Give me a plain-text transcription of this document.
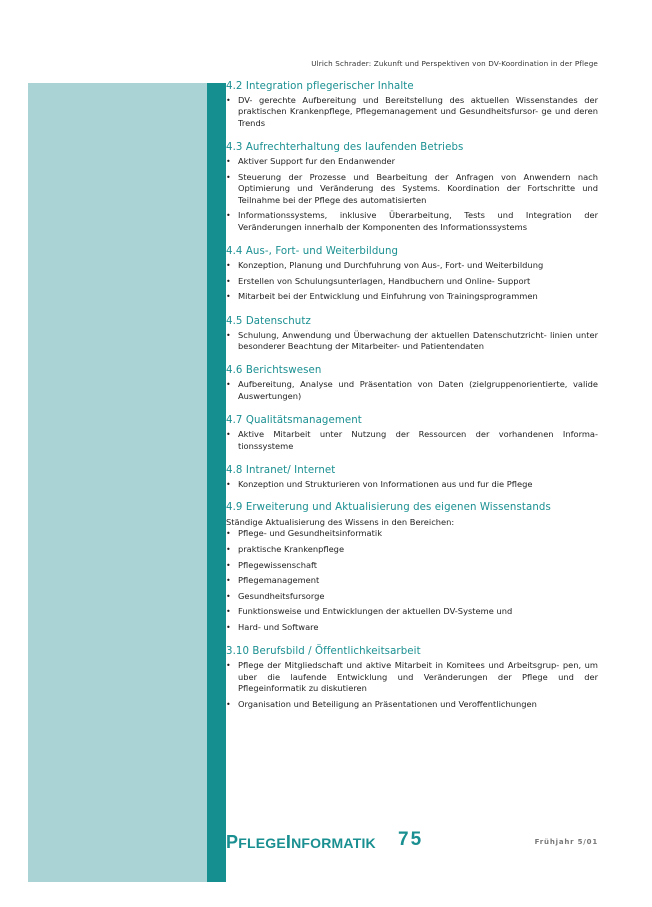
Ulrich Schrader: Zukunft und Perspektiven von DV-Koordination in der Pflege
4.2 Integration pflegerischer Inhalte
• DV- gerechte Aufbereitung und Bereitstellung des aktuellen Wissenstandes der praktischen Krankenpflege, Pflegemanagement und Gesundheitsfursor- ge und deren Trends
4.3 Aufrechterhaltung des laufenden Betriebs
• Aktiver Support fur den Endanwender
• Steuerung der Prozesse und Bearbeitung der Anfragen von Anwendern nach Optimierung und Veränderung des Systems. Koordination der Fortschritte und Teilnahme bei der Pflege des automatisierten
• Informationssystems, inklusive Überarbeitung, Tests und Integration der Veränderungen innerhalb der Komponenten des Informationssystems
4.4 Aus-, Fort- und Weiterbildung
• Konzeption, Planung und Durchfuhrung von Aus-, Fort- und Weiterbildung
• Erstellen von Schulungsunterlagen, Handbuchern und Online- Support
• Mitarbeit bei der Entwicklung und Einfuhrung von Trainingsprogrammen
4.5 Datenschutz
• Schulung, Anwendung und Überwachung der aktuellen Datenschutzricht- linien unter besonderer Beachtung der Mitarbeiter- und Patientendaten
4.6 Berichtswesen
• Aufbereitung, Analyse und Präsentation von Daten (zielgruppenorientierte, valide Auswertungen)
4.7 Qualitätsmanagement
• Aktive Mitarbeit unter Nutzung der Ressourcen der vorhandenen Informa- tionssysteme
4.8 Intranet/ Internet
• Konzeption und Strukturieren von Informationen aus und fur die Pflege
4.9 Erweiterung und Aktualisierung des eigenen Wissenstands
Ständige Aktualisierung des Wissens in den Bereichen:
• Pflege- und Gesundheitsinformatik
• praktische Krankenpflege
• Pflegewissenschaft
• Pflegemanagement
• Gesundheitsfursorge
• Funktionsweise und Entwicklungen der aktuellen DV-Systeme und
• Hard- und Software
3.10 Berufsbild / Öffentlichkeitsarbeit
• Pflege der Mitgliedschaft und aktive Mitarbeit in Komitees und Arbeitsgrup- pen, um uber die laufende Entwicklung und Veränderungen der Pflege und der Pflegeinformatik zu diskutieren
• Organisation und Beteiligung an Präsentationen und Veroffentlichungen
PFLEGEINFORMATIK 75	Frühjahr 5/01
